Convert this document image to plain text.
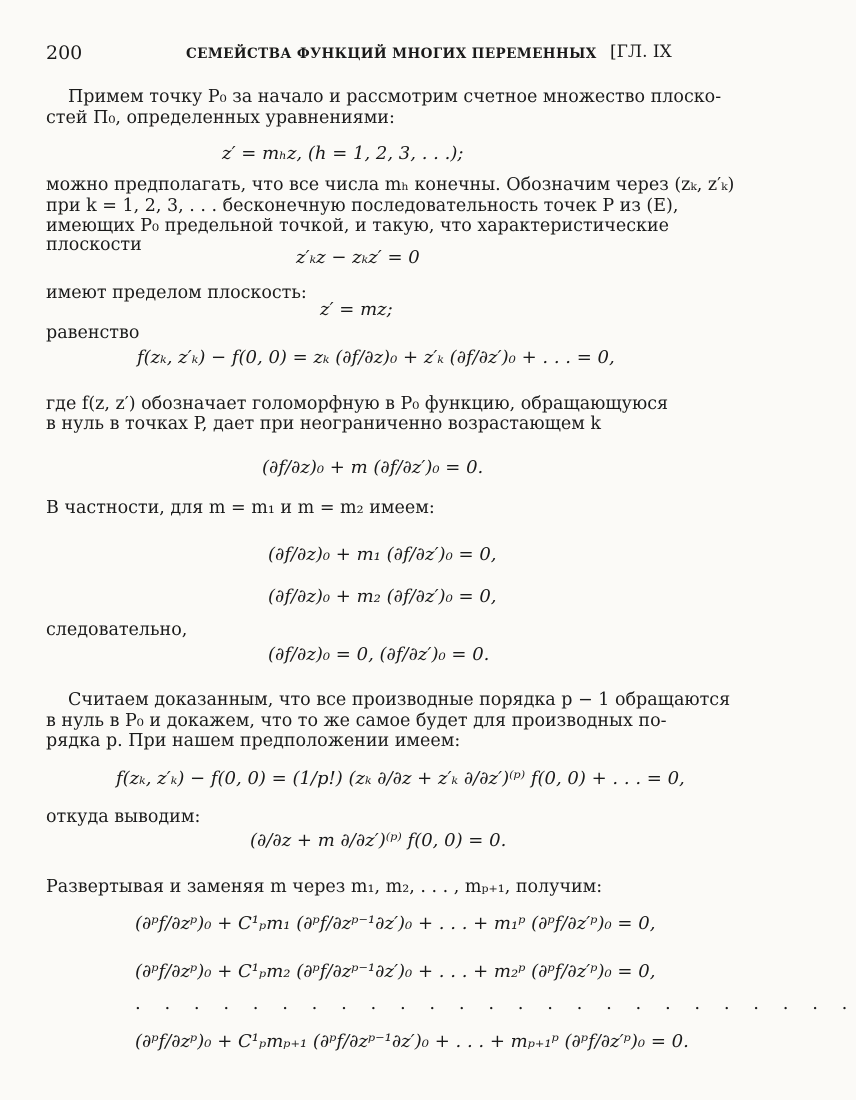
200	СЕМЕЙСТВА ФУНКЦИЙ МНОГИХ ПЕРЕМЕННЫХ [ГЛ. IX
Примем точку P₀ за начало и рассмотрим счетное множество плоско-
стей Π₀, определенных уравнениями:
z′ = mₕz, (h = 1, 2, 3, . . .);
можно предполагать, что все числа mₕ конечны. Обозначим через (zₖ, z′ₖ)
при k = 1, 2, 3, . . . бесконечную последовательность точек P из (E),
имеющих P₀ предельной точкой, и такую, что характеристические
плоскости
z′ₖz − zₖz′ = 0
имеют пределом плоскость:
z′ = mz;
равенство
f(zₖ, z′ₖ) − f(0, 0) = zₖ (∂f/∂z)₀ + z′ₖ (∂f/∂z′)₀ + . . . = 0,
где f(z, z′) обозначает голоморфную в P₀ функцию, обращающуюся
в нуль в точках P, дает при неограниченно возрастающем k
(∂f/∂z)₀ + m (∂f/∂z′)₀ = 0.
В частности, для m = m₁ и m = m₂ имеем:
(∂f/∂z)₀ + m₁ (∂f/∂z′)₀ = 0,
(∂f/∂z)₀ + m₂ (∂f/∂z′)₀ = 0,
следовательно,
(∂f/∂z)₀ = 0, (∂f/∂z′)₀ = 0.
Считаем доказанным, что все производные порядка p − 1 обращаются
в нуль в P₀ и докажем, что то же самое будет для производных по-
рядка p. При нашем предположении имеем:
f(zₖ, z′ₖ) − f(0, 0) = (1/p!) (zₖ ∂/∂z + z′ₖ ∂/∂z′)⁽ᵖ⁾ f(0, 0) + . . . = 0,
откуда выводим:
(∂/∂z + m ∂/∂z′)⁽ᵖ⁾ f(0, 0) = 0.
Развертывая и заменяя m через m₁, m₂, . . . , mₚ₊₁, получим:
(∂ᵖf/∂zᵖ)₀ + C¹ₚm₁ (∂ᵖf/∂zᵖ⁻¹∂z′)₀ + . . . + m₁ᵖ (∂ᵖf/∂z′ᵖ)₀ = 0,
(∂ᵖf/∂zᵖ)₀ + C¹ₚm₂ (∂ᵖf/∂zᵖ⁻¹∂z′)₀ + . . . + m₂ᵖ (∂ᵖf/∂z′ᵖ)₀ = 0,
. . . . . . . . . . . . . . . . . . . . . . . . .
(∂ᵖf/∂zᵖ)₀ + C¹ₚmₚ₊₁ (∂ᵖf/∂zᵖ⁻¹∂z′)₀ + . . . + mₚ₊₁ᵖ (∂ᵖf/∂z′ᵖ)₀ = 0.
